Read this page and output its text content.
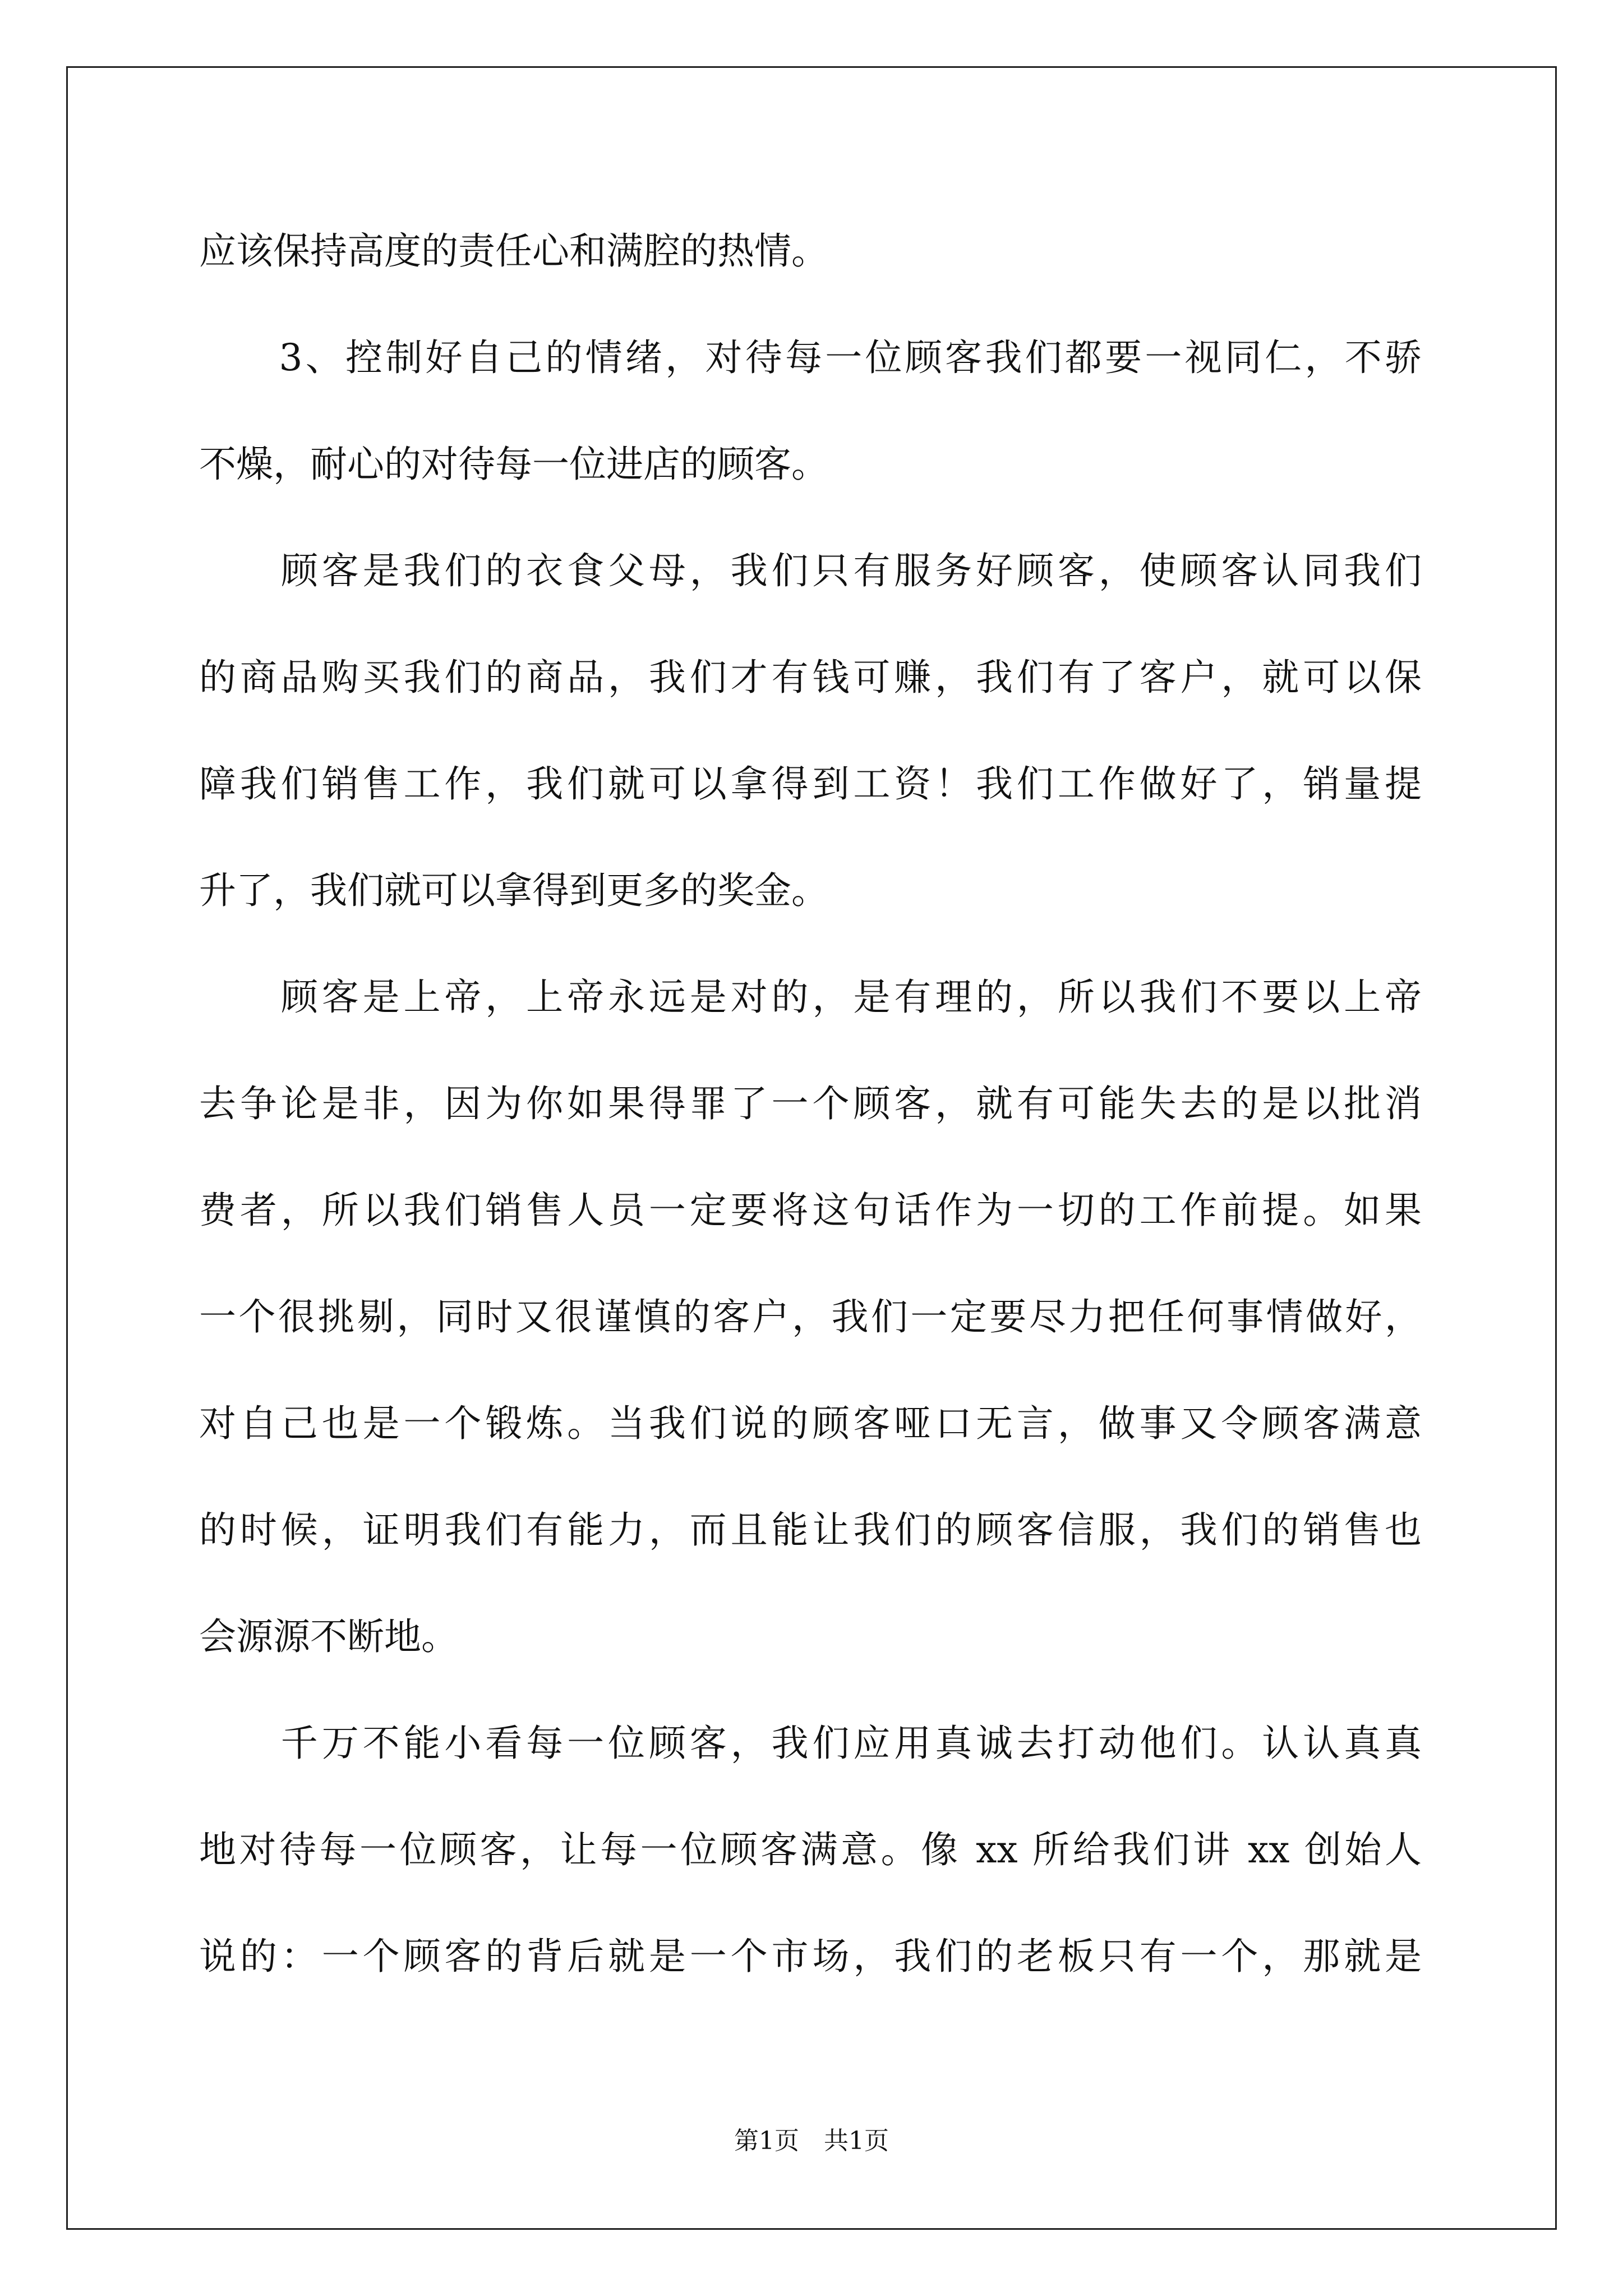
应该保持高度的责任心和满腔的热情。

　　3、控制好自己的情绪，对待每一位顾客我们都要一视同仁，不骄

不燥，耐心的对待每一位进店的顾客。

　　顾客是我们的衣食父母，我们只有服务好顾客，使顾客认同我们

的商品购买我们的商品，我们才有钱可赚，我们有了客户，就可以保

障我们销售工作，我们就可以拿得到工资！我们工作做好了，销量提

升了，我们就可以拿得到更多的奖金。

　　顾客是上帝，上帝永远是对的，是有理的，所以我们不要以上帝

去争论是非，因为你如果得罪了一个顾客，就有可能失去的是以批消

费者，所以我们销售人员一定要将这句话作为一切的工作前提。如果

一个很挑剔，同时又很谨慎的客户，我们一定要尽力把任何事情做好，

对自己也是一个锻炼。当我们说的顾客哑口无言，做事又令顾客满意

的时候，证明我们有能力，而且能让我们的顾客信服，我们的销售也

会源源不断地。

　　千万不能小看每一位顾客，我们应用真诚去打动他们。认认真真

地对待每一位顾客，让每一位顾客满意。像 xx 所给我们讲 xx 创始人

说的：一个顾客的背后就是一个市场，我们的老板只有一个，那就是

第1页　共1页
